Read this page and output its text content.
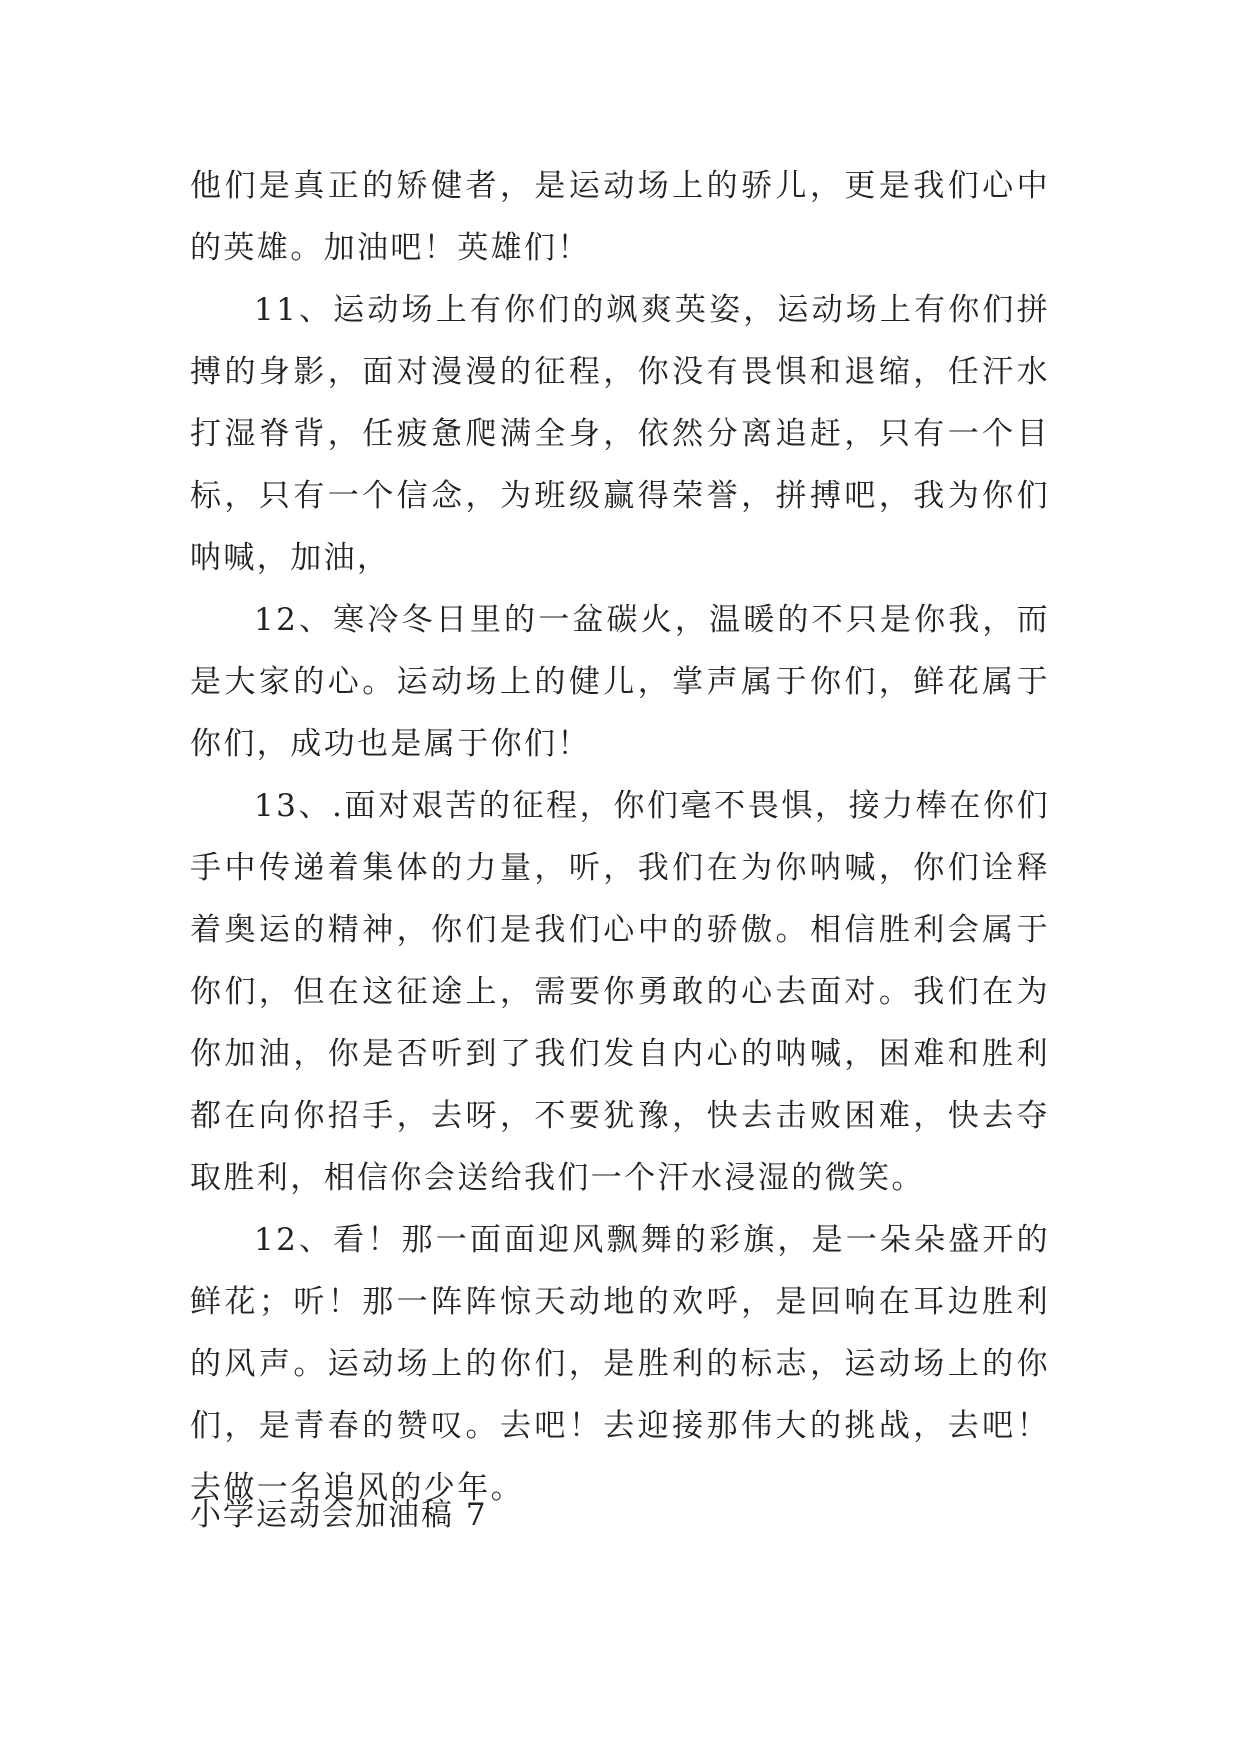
他们是真正的矫健者，是运动场上的骄儿，更是我们心中的英雄。加油吧！英雄们！

11、运动场上有你们的飒爽英姿，运动场上有你们拼搏的身影，面对漫漫的征程，你没有畏惧和退缩，任汗水打湿脊背，任疲惫爬满全身，依然分离追赶，只有一个目标，只有一个信念，为班级赢得荣誉，拼搏吧，我为你们呐喊，加油，

12、寒冷冬日里的一盆碳火，温暖的不只是你我，而是大家的心。运动场上的健儿，掌声属于你们，鲜花属于你们，成功也是属于你们！

13、.面对艰苦的征程，你们毫不畏惧，接力棒在你们手中传递着集体的力量，听，我们在为你呐喊，你们诠释着奥运的精神，你们是我们心中的骄傲。相信胜利会属于你们，但在这征途上，需要你勇敢的心去面对。我们在为你加油，你是否听到了我们发自内心的呐喊，困难和胜利都在向你招手，去呀，不要犹豫，快去击败困难，快去夺取胜利，相信你会送给我们一个汗水浸湿的微笑。

12、看！那一面面迎风飘舞的彩旗，是一朵朵盛开的鲜花；听！那一阵阵惊天动地的欢呼，是回响在耳边胜利的风声。运动场上的你们，是胜利的标志，运动场上的你们，是青春的赞叹。去吧！去迎接那伟大的挑战，去吧！去做一名追风的少年。

小学运动会加油稿 7
